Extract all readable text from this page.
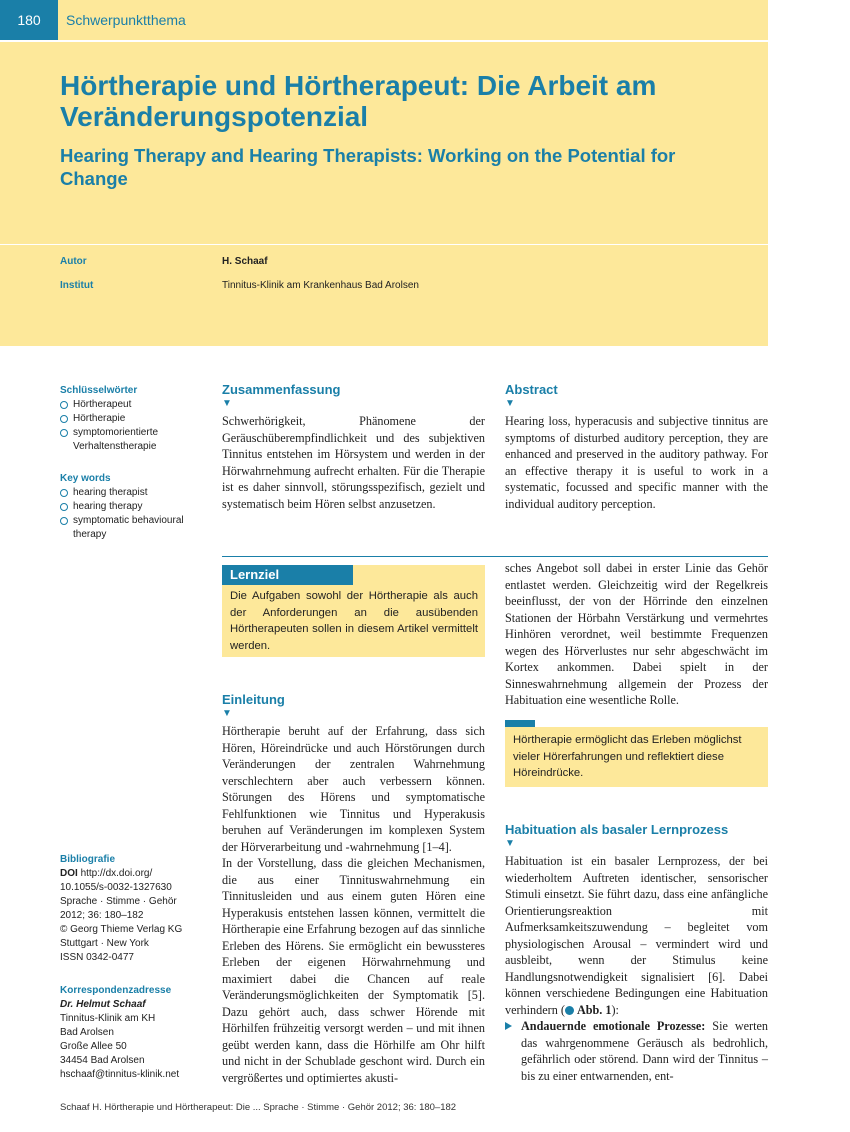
180	Schwerpunktthema
Hörtherapie und Hörtherapeut: Die Arbeit am Veränderungspotenzial
Hearing Therapy and Hearing Therapists: Working on the Potential for Change
Autor	H. Schaaf
Institut	Tinnitus-Klinik am Krankenhaus Bad Arolsen
Schlüsselwörter
Hörtherapeut
Hörtherapie
symptomorientierte Verhaltenstherapie
Key words
hearing therapist
hearing therapy
symptomatic behavioural therapy
Bibliografie
DOI http://dx.doi.org/
10.1055/s-0032-1327630
Sprache · Stimme · Gehör
2012; 36: 180–182
© Georg Thieme Verlag KG
Stuttgart · New York
ISSN 0342-0477
Korrespondenzadresse
Dr. Helmut Schaaf
Tinnitus-Klinik am KH
Bad Arolsen
Große Allee 50
34454 Bad Arolsen
hschaaf@tinnitus-klinik.net
Zusammenfassung
▼

Schwerhörigkeit, Phänomene der Geräuschüberempfindlichkeit und des subjektiven Tinnitus entstehen im Hörsystem und werden in der Hörwahrnehmung aufrecht erhalten. Für die Therapie ist es daher sinnvoll, störungsspezifisch, gezielt und systematisch beim Hören selbst anzusetzen.

Abstract
▼

Hearing loss, hyperacusis and subjective tinnitus are symptoms of disturbed auditory perception, they are enhanced and preserved in the auditory pathway. For an effective therapy it is useful to work in a systematic, focussed and specific manner with the individual auditory perception.

Lernziel
Die Aufgaben sowohl der Hörtherapie als auch der Anforderungen an die ausübenden Hörtherapeuten sollen in diesem Artikel vermittelt werden.
Einleitung
▼

Hörtherapie beruht auf der Erfahrung, dass sich Hören, Höreindrücke und auch Hörstörungen durch Veränderungen der zentralen Wahrnehmung verschlechtern aber auch verbessern können. Störungen des Hörens und symptomatische Fehlfunktionen wie Tinnitus und Hyperakusis beruhen auf Veränderungen im komplexen System der Hörverarbeitung und -wahrnehmung [1–4].

In der Vorstellung, dass die gleichen Mechanismen, die aus einer Tinnituswahrnehmung ein Tinnitusleiden und aus einem guten Hören eine Hyperakusis entstehen lassen können, vermittelt die Hörtherapie eine Erfahrung bezogen auf das sinnliche Erleben des Hörens. Sie ermöglicht ein bewussteres Erleben der eigenen Hörwahrnehmung und maximiert dabei die Chancen auf reale Veränderungsmöglichkeiten der Symptomatik [5]. Dazu gehört auch, dass schwer Hörende mit Hörhilfen frühzeitig versorgt werden – und mit ihnen geübt werden kann, dass die Hörhilfe am Ohr hilft und nicht in der Schublade geschont wird. Durch ein vergrößertes und optimiertes akusti-

sches Angebot soll dabei in erster Linie das Gehör entlastet werden. Gleichzeitig wird der Regelkreis beeinflusst, der von der Hörrinde den einzelnen Stationen der Hörbahn Verstärkung und vermehrtes Hinhören verordnet, weil bestimmte Frequenzen wegen des Hörverlustes nur sehr abgeschwächt im Kortex ankommen. Dabei spielt in der Sinneswahrnehmung allgemein der Prozess der Habituation eine wesentliche Rolle.
Hörtherapie ermöglicht das Erleben möglichst vieler Hörerfahrungen und reflektiert diese Höreindrücke.
Habituation als basaler Lernprozess
▼

Habituation ist ein basaler Lernprozess, der bei wiederholtem Auftreten identischer, sensorischer Stimuli einsetzt. Sie führt dazu, dass eine anfängliche Orientierungsreaktion mit Aufmerksamkeitszuwendung – begleitet vom physiologischen Arousal – vermindert wird und ausbleibt, wenn der Stimulus keine Handlungsnotwendigkeit signalisiert [6]. Dabei können verschiedene Bedingungen eine Habituation verhindern ( Abb. 1):

Andauernde emotionale Prozesse: Sie werten das wahrgenommene Geräusch als bedrohlich, gefährlich oder störend. Dann wird der Tinnitus – bis zu einer entwarnenden, ent-
Schaaf H. Hörtherapie und Hörtherapeut: Die ... Sprache · Stimme · Gehör 2012; 36: 180–182
